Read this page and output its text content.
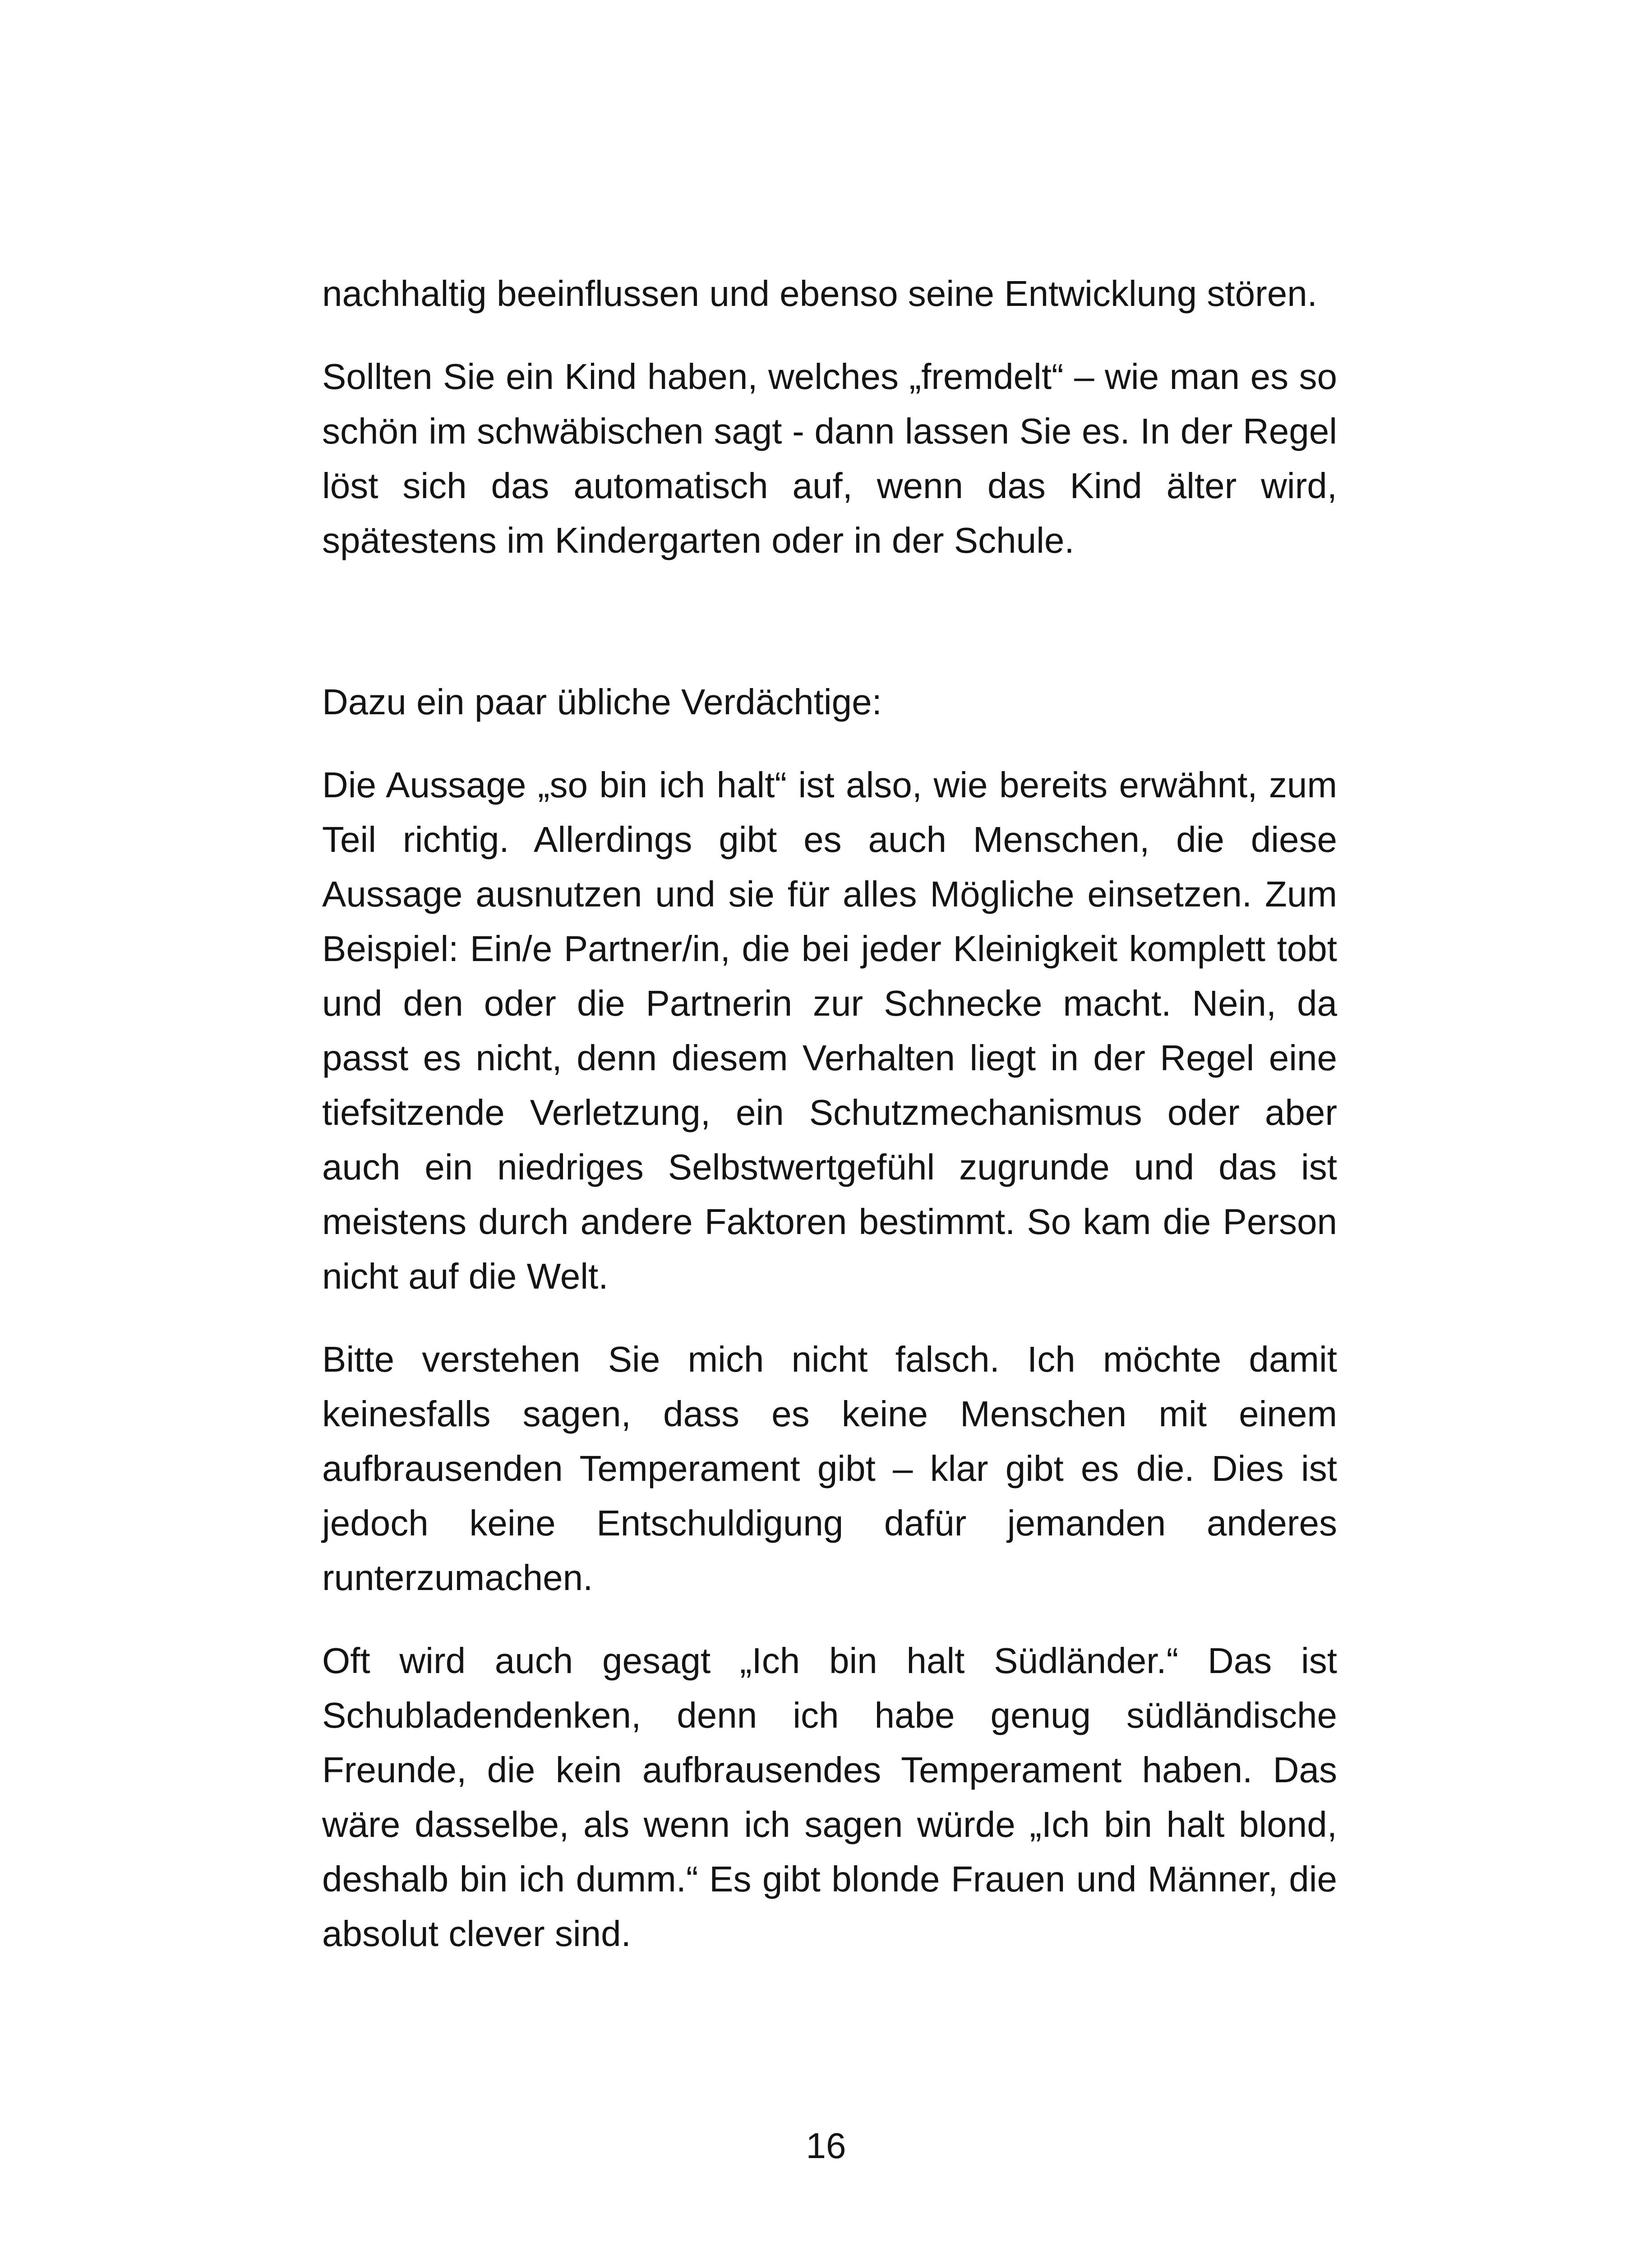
nachhaltig beeinflussen und ebenso seine Entwicklung stören.

Sollten Sie ein Kind haben, welches „fremdelt“ – wie man es so schön im schwäbischen sagt - dann lassen Sie es. In der Regel löst sich das automatisch auf, wenn das Kind älter wird, spätestens im Kindergarten oder in der Schule.

Dazu ein paar übliche Verdächtige:

Die Aussage „so bin ich halt“ ist also, wie bereits erwähnt, zum Teil richtig. Allerdings gibt es auch Menschen, die diese Aussage ausnutzen und sie für alles Mögliche einsetzen. Zum Beispiel: Ein/e Partner/in, die bei jeder Kleinigkeit komplett tobt und den oder die Partnerin zur Schnecke macht. Nein, da passt es nicht, denn diesem Verhalten liegt in der Regel eine tiefsitzende Verletzung, ein Schutzmechanismus oder aber auch ein niedriges Selbstwertgefühl zugrunde und das ist meistens durch andere Faktoren bestimmt. So kam die Person nicht auf die Welt.

Bitte verstehen Sie mich nicht falsch. Ich möchte damit keinesfalls sagen, dass es keine Menschen mit einem aufbrausenden Temperament gibt – klar gibt es die. Dies ist jedoch keine Entschuldigung dafür jemanden anderes runterzumachen.

Oft wird auch gesagt „Ich bin halt Südländer.“ Das ist Schubladendenken, denn ich habe genug südländische Freunde, die kein aufbrausendes Temperament haben. Das wäre dasselbe, als wenn ich sagen würde „Ich bin halt blond, deshalb bin ich dumm.“ Es gibt blonde Frauen und Männer, die absolut clever sind.

16
